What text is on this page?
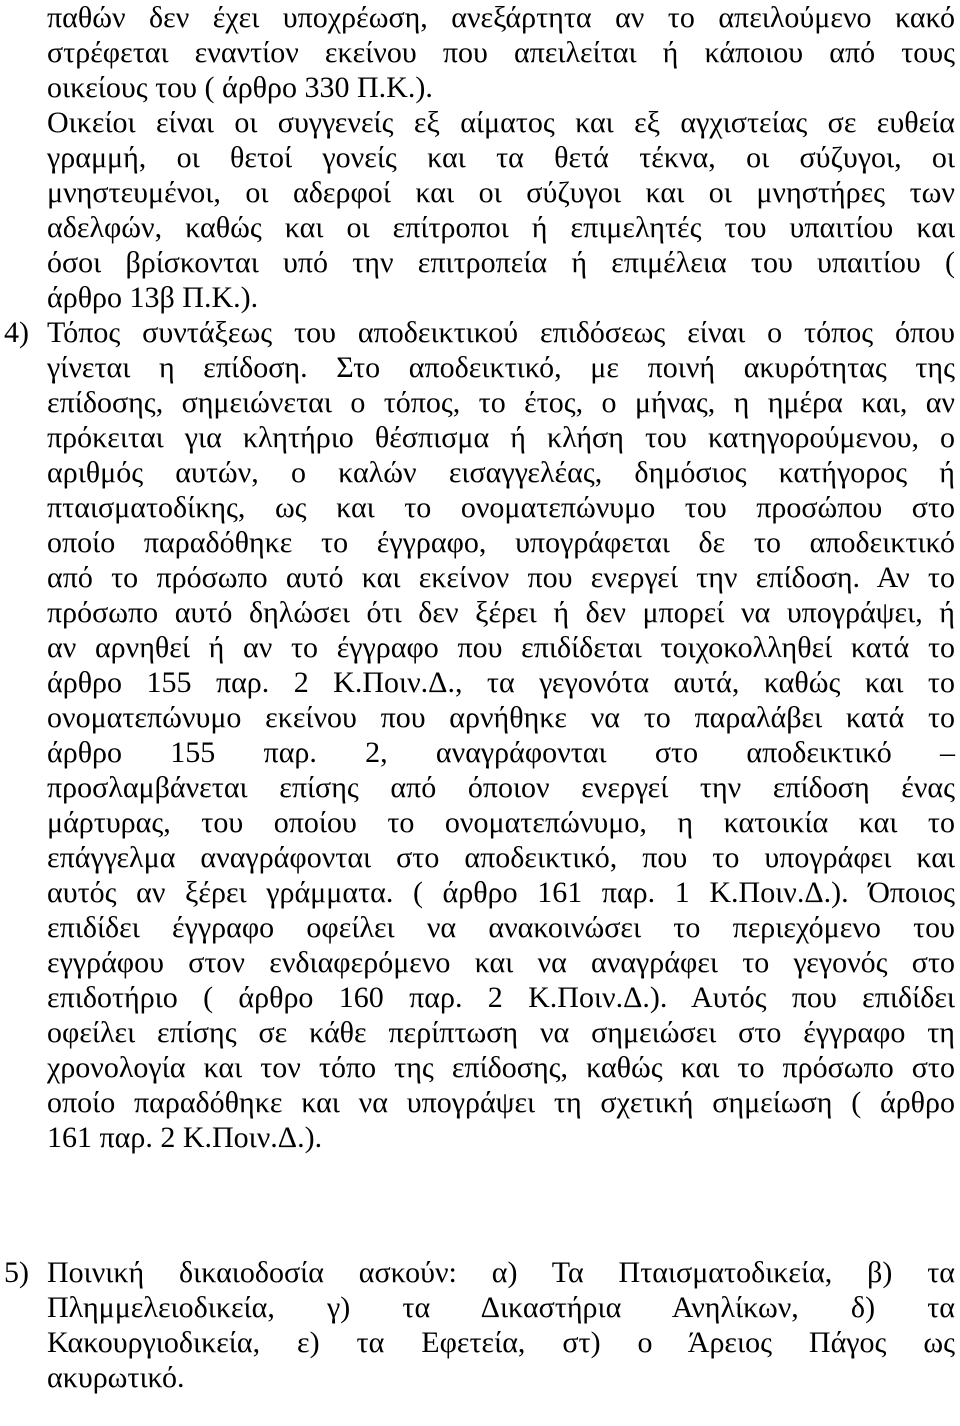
παθών δεν έχει υποχρέωση, ανεξάρτητα αν το απειλούμενο κακό
στρέφεται εναντίον εκείνου που απειλείται ή κάποιου από τους
οικείους του ( άρθρο 330 Π.Κ.).
Οικείοι είναι οι συγγενείς εξ αίματος και εξ αγχιστείας σε ευθεία
γραμμή, οι θετοί γονείς και τα θετά τέκνα, οι σύζυγοι, οι
μνηστευμένοι, οι αδερφοί και οι σύζυγοι και οι μνηστήρες των
αδελφών, καθώς και οι επίτροποι ή επιμελητές του υπαιτίου και
όσοι βρίσκονται υπό την επιτροπεία ή επιμέλεια του υπαιτίου (
άρθρο 13β Π.Κ.).
4) Τόπος συντάξεως του αποδεικτικού επιδόσεως είναι ο τόπος όπου
γίνεται η επίδοση. Στο αποδεικτικό, με ποινή ακυρότητας της
επίδοσης, σημειώνεται ο τόπος, το έτος, ο μήνας, η ημέρα και, αν
πρόκειται για κλητήριο θέσπισμα ή κλήση του κατηγορούμενου, ο
αριθμός αυτών, ο καλών εισαγγελέας, δημόσιος κατήγορος ή
πταισματοδίκης, ως και το ονοματεπώνυμο του προσώπου στο
οποίο παραδόθηκε το έγγραφο, υπογράφεται δε το αποδεικτικό
από το πρόσωπο αυτό και εκείνον που ενεργεί την επίδοση. Αν το
πρόσωπο αυτό δηλώσει ότι δεν ξέρει ή δεν μπορεί να υπογράψει, ή
αν αρνηθεί ή αν το έγγραφο που επιδίδεται τοιχοκολληθεί κατά το
άρθρο 155 παρ. 2 Κ.Ποιν.Δ., τα γεγονότα αυτά, καθώς και το
ονοματεπώνυμο εκείνου που αρνήθηκε να το παραλάβει κατά το
άρθρο 155 παρ. 2, αναγράφονται στο αποδεικτικό –
προσλαμβάνεται επίσης από όποιον ενεργεί την επίδοση ένας
μάρτυρας, του οποίου το ονοματεπώνυμο, η κατοικία και το
επάγγελμα αναγράφονται στο αποδεικτικό, που το υπογράφει και
αυτός αν ξέρει γράμματα. ( άρθρο 161 παρ. 1 Κ.Ποιν.Δ.). Όποιος
επιδίδει έγγραφο οφείλει να ανακοινώσει το περιεχόμενο του
εγγράφου στον ενδιαφερόμενο και να αναγράφει το γεγονός στο
επιδοτήριο ( άρθρο 160 παρ. 2 Κ.Ποιν.Δ.). Αυτός που επιδίδει
οφείλει επίσης σε κάθε περίπτωση να σημειώσει στο έγγραφο τη
χρονολογία και τον τόπο της επίδοσης, καθώς και το πρόσωπο στο
οποίο παραδόθηκε και να υπογράψει τη σχετική σημείωση ( άρθρο
161 παρ. 2 Κ.Ποιν.Δ.).
5) Ποινική δικαιοδοσία ασκούν: α) Τα Πταισματοδικεία, β) τα
Πλημμελειοδικεία, γ) τα Δικαστήρια Ανηλίκων, δ) τα
Κακουργιοδικεία, ε) τα Εφετεία, στ) ο Άρειος Πάγος ως
ακυρωτικό.
